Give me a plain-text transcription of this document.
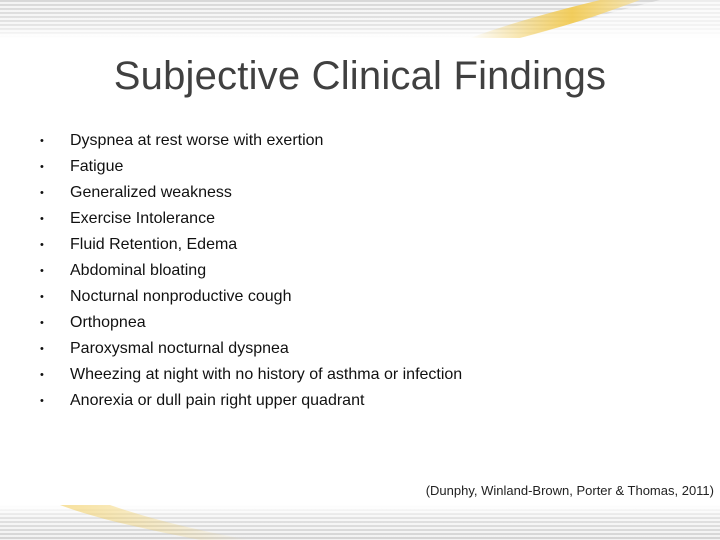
Subjective Clinical Findings
•	Dyspnea at rest worse with exertion
•	Fatigue
•	Generalized weakness
•	Exercise Intolerance
•	Fluid Retention, Edema
•	Abdominal bloating
•	Nocturnal nonproductive cough
•	Orthopnea
•	Paroxysmal nocturnal dyspnea
•	Wheezing at night with no history of asthma or infection
•	Anorexia or dull pain right upper quadrant
(Dunphy, Winland-Brown, Porter & Thomas, 2011)
